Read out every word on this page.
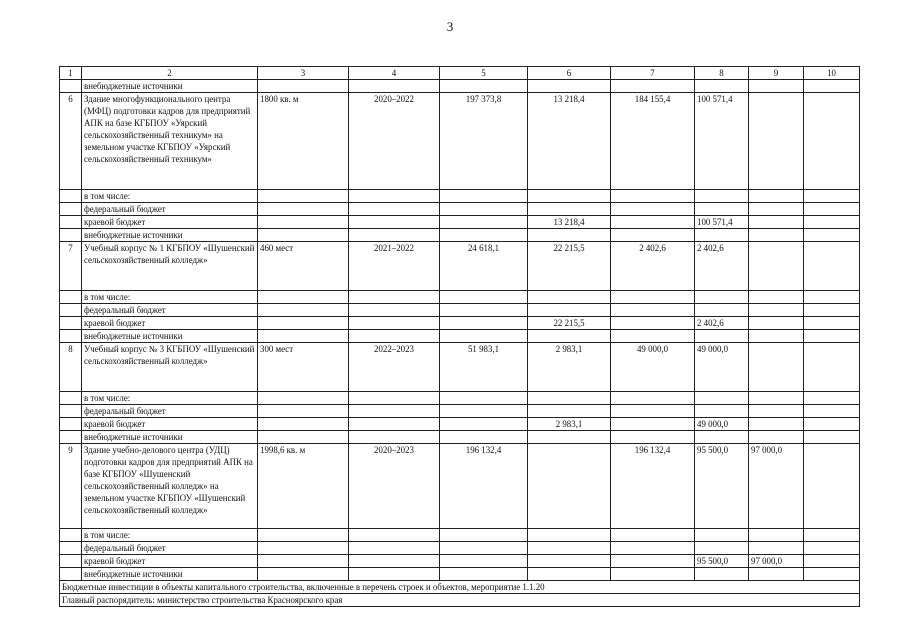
3
1	2	3	4	5	6	7	8	9	10
	внебюджетные источники								
6	Здание многофункционального центра (МФЦ) подготовки кадров для предприятий АПК на базе КГБПОУ «Уярский сельскохозяйственный техникум» на земельном участке КГБПОУ «Уярский сельскохозяйственный техникум»	1800 кв. м	2020–2022	197 373,8	13 218,4	184 155,4	100 571,4		
	в том числе:								
	федеральный бюджет								
	краевой бюджет				13 218,4		100 571,4		
	внебюджетные источники								
7	Учебный корпус № 1 КГБПОУ «Шушенский сельскохозяйственный колледж»	460 мест	2021–2022	24 618,1	22 215,5	2 402,6	2 402,6		
	в том числе:								
	федеральный бюджет								
	краевой бюджет				22 215,5		2 402,6		
	внебюджетные источники								
8	Учебный корпус № 3 КГБПОУ «Шушенский сельскохозяйственный колледж»	300 мест	2022–2023	51 983,1	2 983,1	49 000,0	49 000,0		
	в том числе:								
	федеральный бюджет								
	краевой бюджет				2 983,1		49 000,0		
	внебюджетные источники								
9	Здание учебно-делового центра (УДЦ) подготовки кадров для предприятий АПК на базе КГБПОУ «Шушенский сельскохозяйственный колледж» на земельном участке КГБПОУ «Шушенский сельскохозяйственный колледж»	1998,6 кв. м	2020–2023	196 132,4		196 132,4	95 500,0	97 000,0	
	в том числе:								
	федеральный бюджет								
	краевой бюджет						95 500,0	97 000,0	
	внебюджетные источники								
Бюджетные инвестиции в объекты капитального строительства, включенные в перечень строек и объектов, мероприятие 1.1.20									
Главный распорядитель: министерство строительства Красноярского края									
